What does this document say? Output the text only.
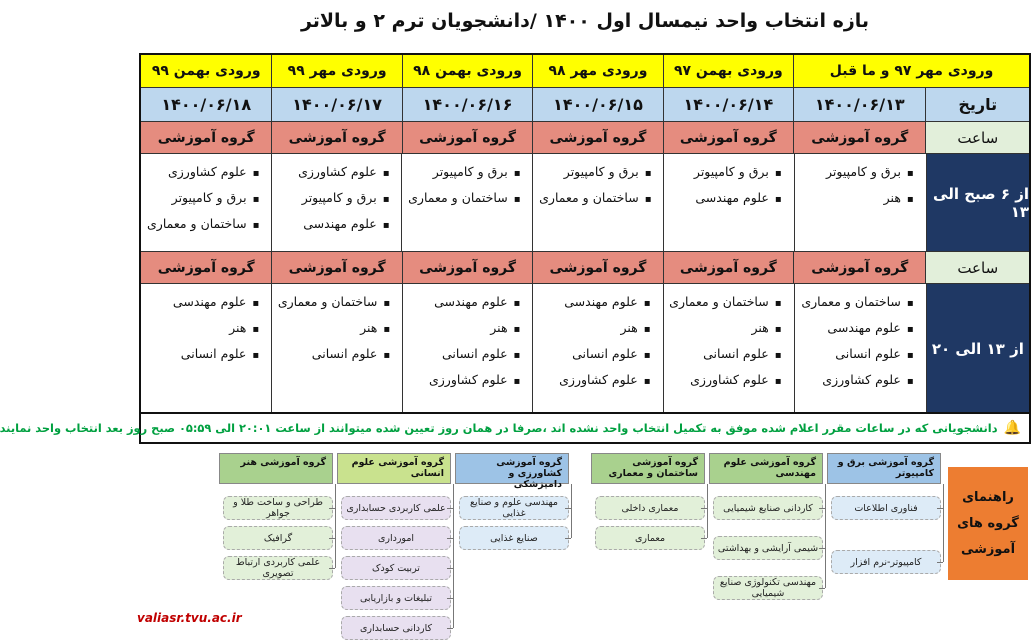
بازه انتخاب واحد نیمسال اول ۱۴۰۰ /دانشجویان ترم ۲ و بالاتر
ورودی مهر ۹۷ و ما قبل
ورودی بهمن ۹۷
ورودی مهر ۹۸
ورودی بهمن ۹۸
ورودی مهر ۹۹
ورودی بهمن ۹۹
تاریخ
۱۴۰۰/۰۶/۱۳
۱۴۰۰/۰۶/۱۴
۱۴۰۰/۰۶/۱۵
۱۴۰۰/۰۶/۱۶
۱۴۰۰/۰۶/۱۷
۱۴۰۰/۰۶/۱۸
ساعت
گروه آموزشی
گروه آموزشی
گروه آموزشی
گروه آموزشی
گروه آموزشی
گروه آموزشی
از ۶ صبح الی ۱۳
▪ برق و کامپیوتر
▪ هنر
▪ برق و کامپیوتر
▪ علوم مهندسی
▪ برق و کامپیوتر
▪ ساختمان و معماری
▪ برق و کامپیوتر
▪ ساختمان و معماری
▪ علوم کشاورزی
▪ برق و کامپیوتر
▪ علوم مهندسی
▪ علوم کشاورزی
▪ برق و کامپیوتر
▪ ساختمان و معماری
ساعت
گروه آموزشی
گروه آموزشی
گروه آموزشی
گروه آموزشی
گروه آموزشی
گروه آموزشی
از ۱۳ الی ۲۰
▪ ساختمان و معماری
▪ علوم مهندسی
▪ علوم انسانی
▪ علوم کشاورزی
▪ ساختمان و معماری
▪ هنر
▪ علوم انسانی
▪ علوم کشاورزی
▪ علوم مهندسی
▪ هنر
▪ علوم انسانی
▪ علوم کشاورزی
▪ علوم مهندسی
▪ هنر
▪ علوم انسانی
▪ علوم کشاورزی
▪ ساختمان و معماری
▪ هنر
▪ علوم انسانی
▪ علوم مهندسی
▪ هنر
▪ علوم انسانی
🔔
دانشجویانی که در ساعات مقرر اعلام شده موفق به تکمیل انتخاب واحد نشده اند ،صرفا در همان روز تعیین شده میتوانند از ساعت ۲۰:۰۱ الی ۰۵:۵۹ صبح روز بعد انتخاب واحد نمایند
راهنمای گروه های آموزشی
گروه آموزشی برق و کامپیوتر
فناوری اطلاعات
کامپیوتر-نرم افزار
گروه آموزشی علوم مهندسی
کاردانی صنایع شیمیایی
شیمی آرایشی و بهداشتی
مهندسی تکنولوژی صنایع شیمیایی
گروه آموزشی ساختمان و معماری
معماری داخلی
معماری
گروه آموزشی کشاورزی و دامپزشکی
مهندسی علوم و صنایع غذایی
صنایع غذایی
گروه آموزشی علوم انسانی
علمی کاربردی حسابداری
امورداری
تربیت کودک
تبلیغات و بازاریابی
کاردانی حسابداری
گروه آموزشی هنر
طراحی و ساخت طلا و جواهر
گرافیک
علمی کاربردی ارتباط تصویری
valiasr.tvu.ac.ir
